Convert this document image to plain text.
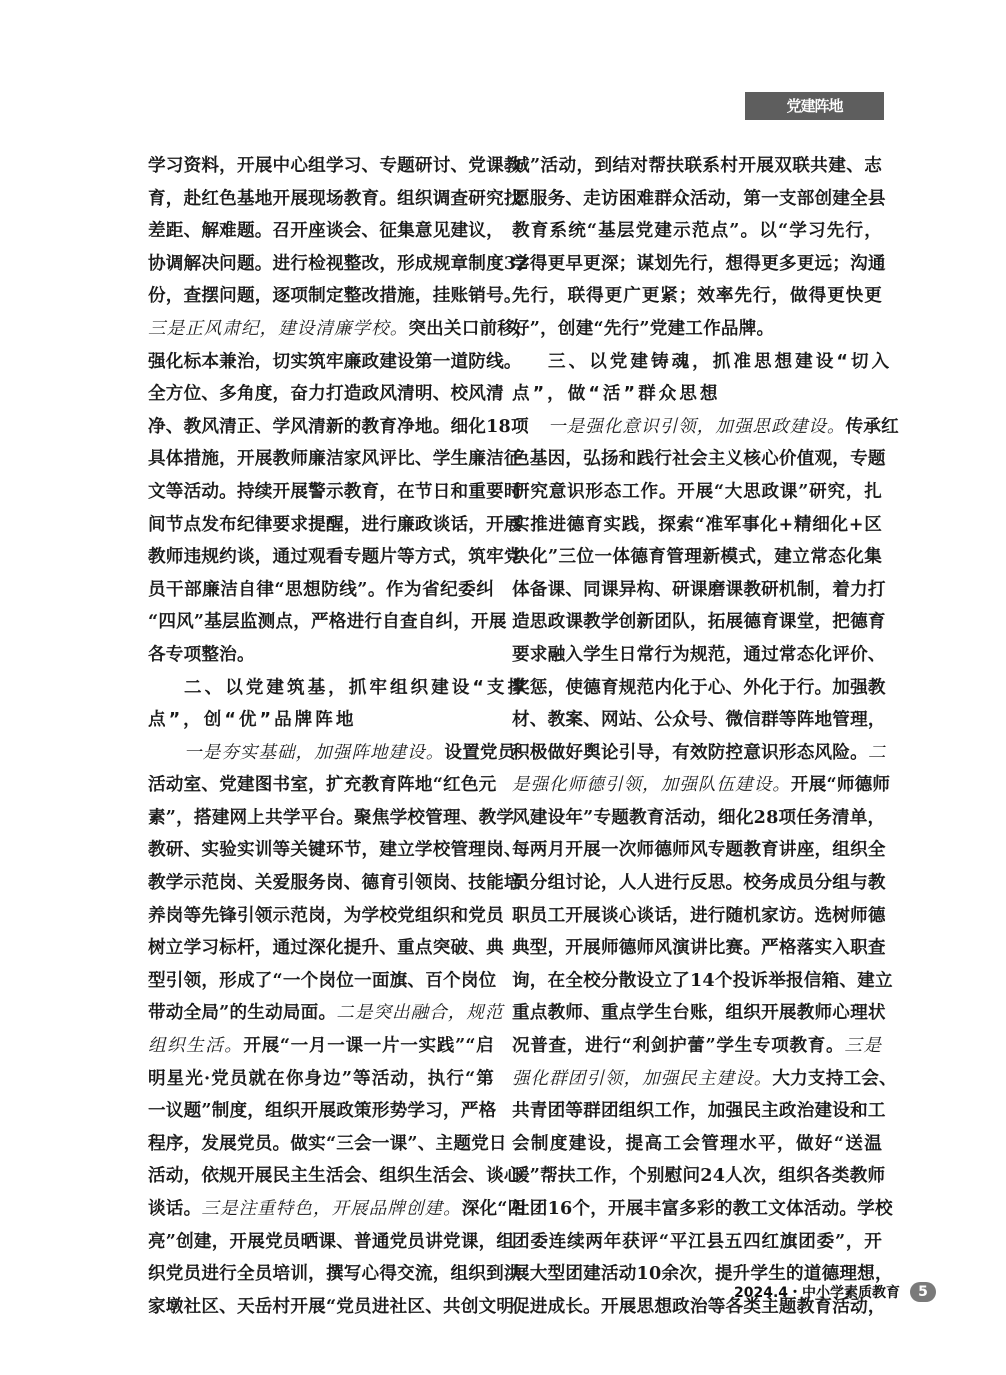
党建阵地
学习资料，开展中心组学习、专题研讨、党课教
育，赴红色基地开展现场教育。组织调查研究找
差距、解难题。召开座谈会、征集意见建议，
协调解决问题。进行检视整改，形成规章制度32
份，查摆问题，逐项制定整改措施，挂账销号。
三是正风肃纪，建设清廉学校。突出关口前移，
强化标本兼治，切实筑牢廉政建设第一道防线。
全方位、多角度，奋力打造政风清明、校风清
净、教风清正、学风清新的教育净地。细化18项
具体措施，开展教师廉洁家风评比、学生廉洁征
文等活动。持续开展警示教育，在节日和重要时
间节点发布纪律要求提醒，进行廉政谈话，开展
教师违规约谈，通过观看专题片等方式，筑牢党
员干部廉洁自律“思想防线”。作为省纪委纠
“四风”基层监测点，严格进行自查自纠，开展
各专项整治。
二、以党建筑基，抓牢组织建设“支撑
点”，创“优”品牌阵地
一是夯实基础，加强阵地建设。设置党员
活动室、党建图书室，扩充教育阵地“红色元
素”，搭建网上共学平台。聚焦学校管理、教学
教研、实验实训等关键环节，建立学校管理岗、
教学示范岗、关爱服务岗、德育引领岗、技能培
养岗等先锋引领示范岗，为学校党组织和党员
树立学习标杆，通过深化提升、重点突破、典
型引领，形成了“一个岗位一面旗、百个岗位
带动全局”的生动局面。二是突出融合，规范
组织生活。开展“一月一课一片一实践”“启
明星光·党员就在你身边”等活动，执行“第
一议题”制度，组织开展政策形势学习，严格
程序，发展党员。做实“三会一课”、主题党日
活动，依规开展民主生活会、组织生活会、谈心
谈话。三是注重特色，开展品牌创建。深化“四
亮”创建，开展党员晒课、普通党员讲党课，组
织党员进行全员培训，撰写心得交流，组织到洪
家墩社区、天岳村开展“党员进社区、共创文明
城”活动，到结对帮扶联系村开展双联共建、志
愿服务、走访困难群众活动，第一支部创建全县
教育系统“基层党建示范点”。以“学习先行，
学得更早更深；谋划先行，想得更多更远；沟通
先行，联得更广更紧；效率先行，做得更快更
好”，创建“先行”党建工作品牌。
三、以党建铸魂，抓准思想建设“切入
点”，做“活”群众思想
一是强化意识引领，加强思政建设。传承红
色基因，弘扬和践行社会主义核心价值观，专题
研究意识形态工作。开展“大思政课”研究，扎
实推进德育实践，探索“准军事化+精细化+区
块化”三位一体德育管理新模式，建立常态化集
体备课、同课异构、研课磨课教研机制，着力打
造思政课教学创新团队，拓展德育课堂，把德育
要求融入学生日常行为规范，通过常态化评价、
奖惩，使德育规范内化于心、外化于行。加强教
材、教案、网站、公众号、微信群等阵地管理，
积极做好舆论引导，有效防控意识形态风险。二
是强化师德引领，加强队伍建设。开展“师德师
风建设年”专题教育活动，细化28项任务清单，
每两月开展一次师德师风专题教育讲座，组织全
员分组讨论，人人进行反思。校务成员分组与教
职员工开展谈心谈话，进行随机家访。选树师德
典型，开展师德师风演讲比赛。严格落实入职查
询，在全校分散设立了14个投诉举报信箱、建立
重点教师、重点学生台账，组织开展教师心理状
况普查，进行“利剑护蕾”学生专项教育。三是
强化群团引领，加强民主建设。大力支持工会、
共青团等群团组织工作，加强民主政治建设和工
会制度建设，提高工会管理水平，做好“送温
暖”帮扶工作，个别慰问24人次，组织各类教师
社团16个，开展丰富多彩的教工文体活动。学校
团委连续两年获评“平江县五四红旗团委”，开
展大型团建活动10余次，提升学生的道德理想，
促进成长。开展思想政治等各类主题教育活动，
2024.4・中小学素质教育	5
